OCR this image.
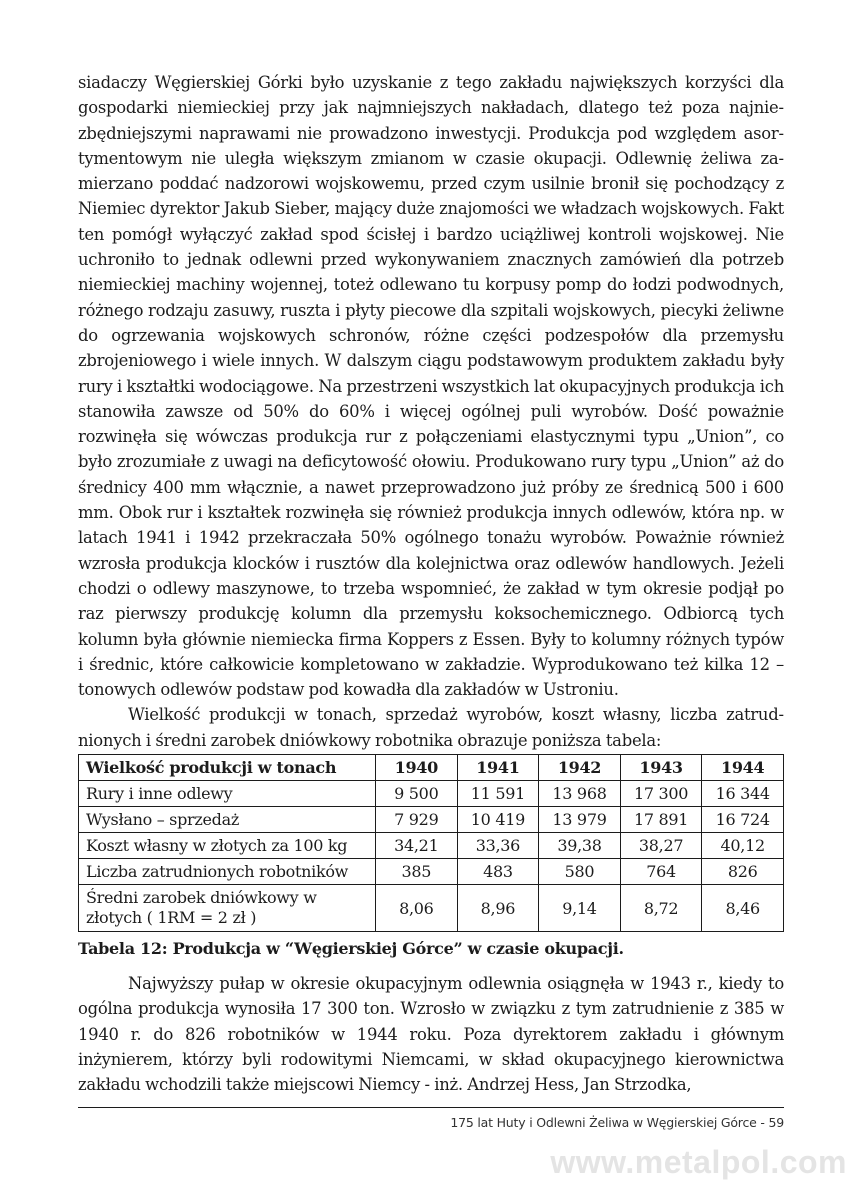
siadaczy Węgierskiej Górki było uzyskanie z tego zakładu największych korzyści dla gospodarki niemieckiej przy jak najmniejszych nakładach, dlatego też poza najniezbędniejszymi naprawami nie prowadzono inwestycji. Produkcja pod względem asortymentowym nie uległa większym zmianom w czasie okupacji. Odlewnię żeliwa zamierzano poddać nadzorowi wojskowemu, przed czym usilnie bronił się pochodzący z Niemiec dyrektor Jakub Sieber, mający duże znajomości we władzach wojskowych. Fakt ten pomógł wyłączyć zakład spod ścisłej i bardzo uciążliwej kontroli wojskowej. Nie uchroniło to jednak odlewni przed wykonywaniem znacznych zamówień dla potrzeb niemieckiej machiny wojennej, toteż odlewano tu korpusy pomp do łodzi podwodnych, różnego rodzaju zasuwy, ruszta i płyty piecowe dla szpitali wojskowych, piecyki żeliwne do ogrzewania wojskowych schronów, różne części podzespołów dla przemysłu zbrojeniowego i wiele innych. W dalszym ciągu podstawowym produktem zakładu były rury i kształtki wodociągowe. Na przestrzeni wszystkich lat okupacyjnych produkcja ich stanowiła zawsze od 50% do 60% i więcej ogólnej puli wyrobów. Dość poważnie rozwinęła się wówczas produkcja rur z połączeniami elastycznymi typu „Union”, co było zrozumiałe z uwagi na deficytowość ołowiu. Produkowano rury typu „Union” aż do średnicy 400 mm włącznie, a nawet przeprowadzono już próby ze średnicą 500 i 600 mm. Obok rur i kształtek rozwinęła się również produkcja innych odlewów, która np. w latach 1941 i 1942 przekraczała 50% ogólnego tonażu wyrobów. Poważnie również wzrosła produkcja klocków i rusztów dla kolejnictwa oraz odlewów handlowych. Jeżeli chodzi o odlewy maszynowe, to trzeba wspomnieć, że zakład w tym okresie podjął po raz pierwszy produkcję kolumn dla przemysłu koksochemicznego. Odbiorcą tych kolumn była głównie niemiecka firma Koppers z Essen. Były to kolumny różnych typów i średnic, które całkowicie kompletowano w zakładzie. Wyprodukowano też kilka 12 – tonowych odlewów podstaw pod kowadła dla zakładów w Ustroniu.

Wielkość produkcji w tonach, sprzedaż wyrobów, koszt własny, liczba zatrudnionych i średni zarobek dniówkowy robotnika obrazuje poniższa tabela:

Wielkość produkcji w tonach	1940	1941	1942	1943	1944
Rury i inne odlewy	9 500	11 591	13 968	17 300	16 344
Wysłano – sprzedaż	7 929	10 419	13 979	17 891	16 724
Koszt własny w złotych za 100 kg	34,21	33,36	39,38	38,27	40,12
Liczba zatrudnionych robotników	385	483	580	764	826
Średni zarobek dniówkowy w złotych ( 1RM = 2 zł )	8,06	8,96	9,14	8,72	8,46
Tabela 12: Produkcja w “Węgierskiej Górce” w czasie okupacji.

Najwyższy pułap w okresie okupacyjnym odlewnia osiągnęła w 1943 r., kiedy to ogólna produkcja wynosiła 17 300 ton. Wzrosło w związku z tym zatrudnienie z 385 w 1940 r. do 826 robotników w 1944 roku. Poza dyrektorem zakładu i głównym inżynierem, którzy byli rodowitymi Niemcami, w skład okupacyjnego kierownictwa zakładu wchodzili także miejscowi Niemcy - inż. Andrzej Hess, Jan Strzodka,

175 lat Huty i Odlewni Żeliwa w Węgierskiej Górce - 59
www.metalpol.com
